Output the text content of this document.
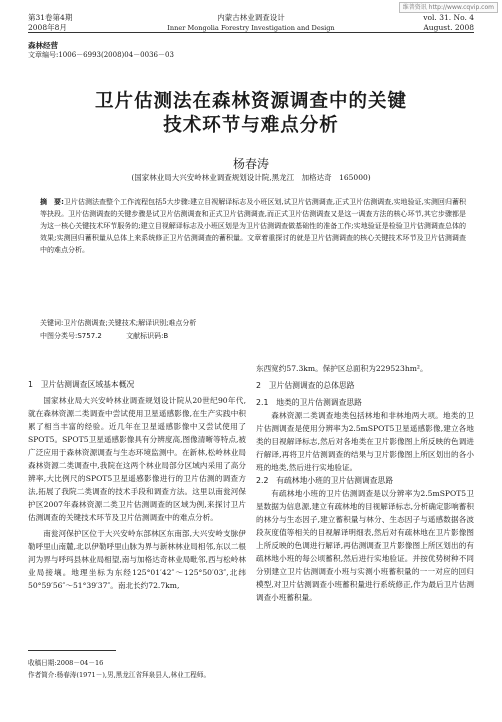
维普资讯 http://www.cqvip.com
第31卷第4期
2008年8月
内蒙古林业调查设计
Inner Mongolia Forestry Investigation and Design
vol. 31. No. 4
August. 2008
森林经营
文章编号:1006－6993(2008)04－0036－03
卫片估测法在森林资源调查中的关键
技术环节与难点分析
杨春涛
(国家林业局大兴安岭林业调查规划设计院,黑龙江　加格达奇　165000)
摘　要:卫片估测法查整个工作流程包括5大步骤:建立目视解译标志及小班区划,试卫片估测调查,正式卫片估测调查,实地验证,实测回归蓄积等抉段。卫片估测调查的关键步骤是试卫片估测调查和正式卫片估测调查,而正式卫片估测调查又是这一调查方法的核心环节,其它步骤都是为这一核心关键技术环节服务的;建立目视解译标志及小班区划是为卫片估测调查做基础性的准备工作;实地验证是检验卫片估测调查总体的效果;实测回归蓄积量从总体上来系统修正卫片估测调查的蓄积量。文章着重探讨的就是卫片估测调查的核心关键技术环节及卫片估测调查中的难点分析。
关键词:卫片估测调查;关键技术;解译识别;难点分析
中图分类号:S757.2	文献标识码:B
1　卫片估测调查区域基本概况

国家林业局大兴安岭林业调查规划设计院从20世纪90年代,就在森林资源二类调查中尝试使用卫星遥感影像,在生产实践中积累了相当丰富的经验。近几年在卫星遥感影像中又尝试使用了SPOT5。SPOT5卫星遥感影像具有分辨度高,图像清晰等特点,被广泛应用于森林资源调查与生态环境监测中。在新林,松岭林业局森林资源二类调查中,我院在这两个林业局部分区域内采用了高分辨率,大比例尺的SPOT5卫星遥感影像进行的卫片估测的调查方法,拓展了我院二类调查的技术手段和调查方法。这里以南瓮河保护区2007年森林资源二类卫片估测调查的区域为例,来探讨卫片估测调查的关键技术环节及卫片估测调查中的难点分析。

南瓮河保护区位于大兴安岭东部林区东南部,大兴安岭支脉伊勒呼里山南麓,北以伊勒呼里山脉为界与新林林业局相邻,东以二根河为界与呼玛县林业局相望,南与加格达奇林业局毗邻,西与松岭林业局接壤。地理坐标为东经125°01′42″～125°50′03″,北纬50°59′56″～51°39′37″。南北长约72.7km,

东西宽约57.3km。保护区总面积为229523hm²。

2　卫片估测调查的总体思路
2.1　地类的卫片估测调查思路

森林资源二类调查地类包括林地和非林地两大项。地类的卫片估测调查是使用分辨率为2.5mSPOT5卫星遥感影像,建立各地类的目视解译标志,然后对各地类在卫片影像图上所反映的色调进行解译,再将卫片估测调查的结果与卫片影像图上所区划出的各小班的地类,然后进行实地验证。

2.2　有疏林地小班的卫片估测调查思路

有疏林地小班的卫片估测调查是以分辨率为2.5mSPOT5卫星数据为信息源,建立有疏林地的目视解译标志,分析确定影响蓄积的林分与生态因子,建立蓄积量与林分、生态因子与遥感数据各波段灰度值等相关的目视解译明细表,然后对有疏林地在卫片影像图上所反映的色调进行解译,再估测调查卫片影像图上所区划出的有疏林地小班的每公顷蓄积,然后进行实地验证。并按优势树种不同分别建立卫片估测调查小班与实测小班蓄积量的一一对应的回归模型,对卫片估测调查小班蓄积量进行系统修正,作为最后卫片估测调查小班蓄积量。

收稿日期:2008－04－16
作者简介:杨春涛(1971－),男,黑龙江省拜泉县人,林业工程师。
